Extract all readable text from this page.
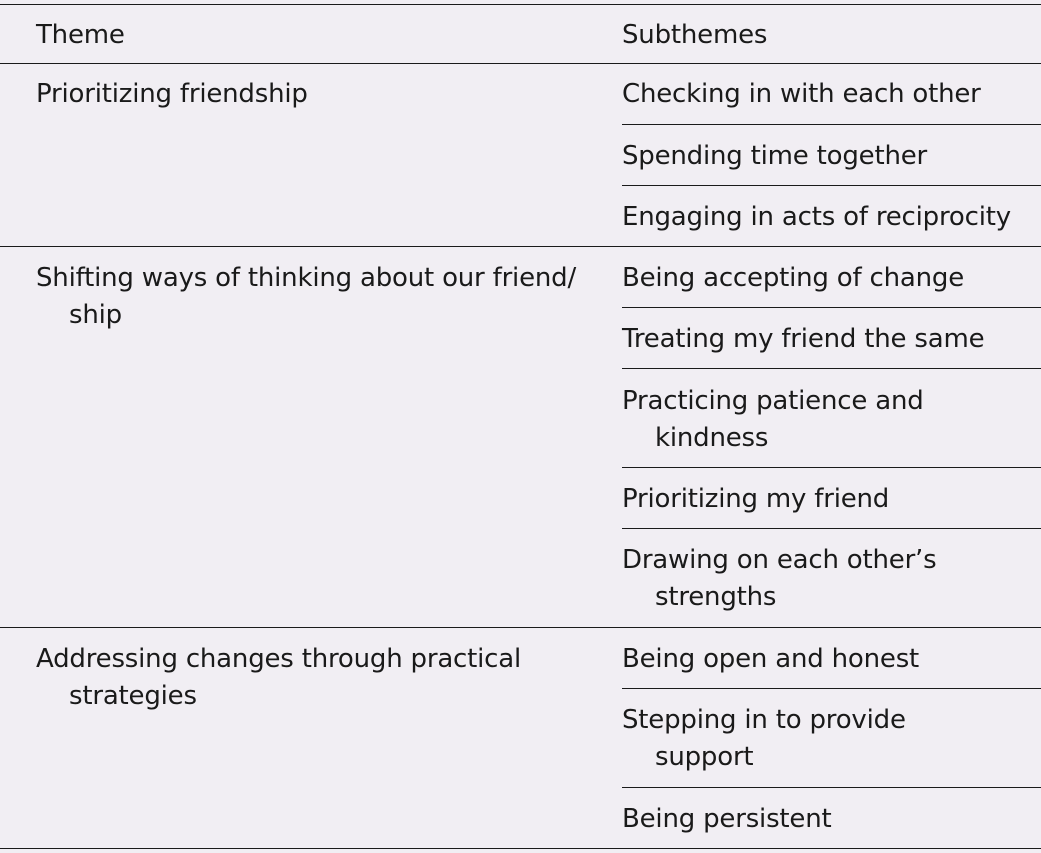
Theme	Subthemes
Prioritizing friendship	Checking in with each other
Spending time together
Engaging in acts of reciprocity
Shifting ways of thinking about our friend/ ship
Being accepting of change
Treating my friend the same
Practicing patience and kindness
Prioritizing my friend
Drawing on each other’s strengths
Addressing changes through practical strategies
Being open and honest
Stepping in to provide support
Being persistent
